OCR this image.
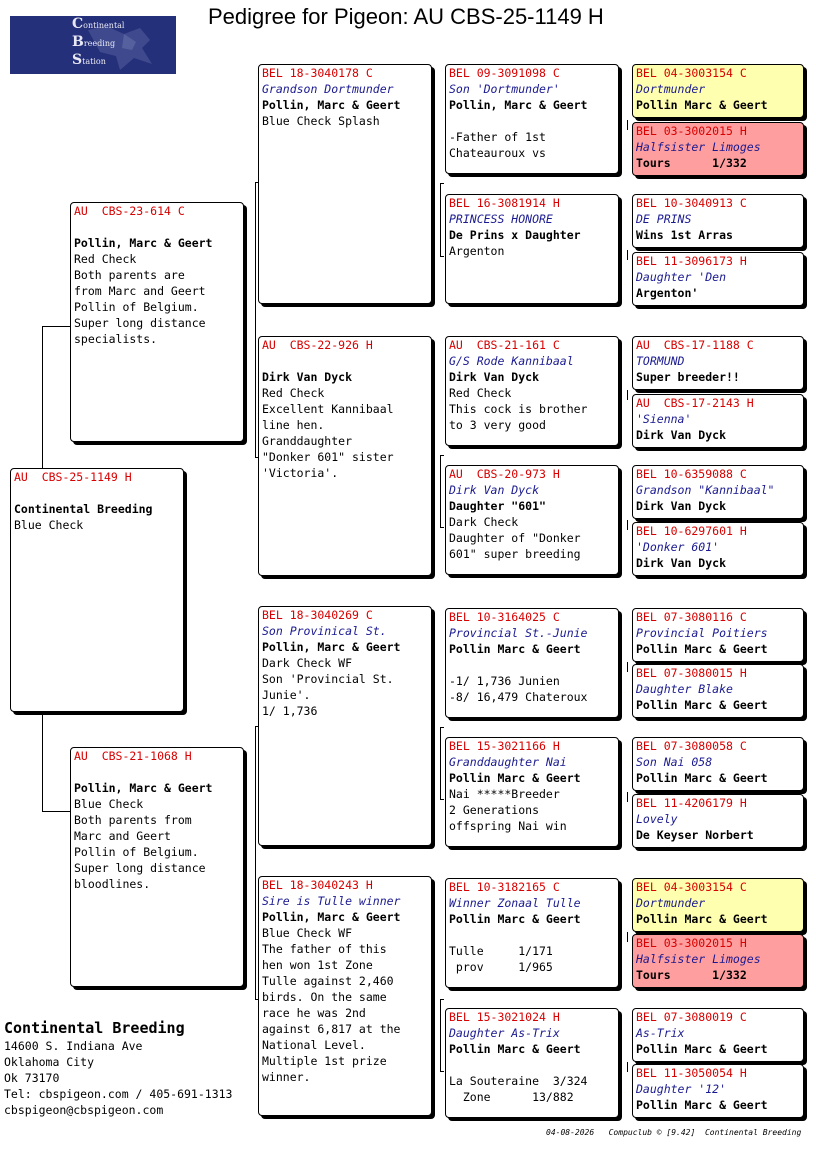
Continental
Breeding
Station
Pedigree for Pigeon: AU CBS-25-1149 H
AU  CBS-25-1149 H
Continental Breeding
Blue Check
AU  CBS-23-614 C
Pollin, Marc & Geert
Red Check
Both parents are
from Marc and Geert
Pollin of Belgium.
Super long distance
specialists.
AU  CBS-21-1068 H
Pollin, Marc & Geert
Blue Check
Both parents from
Marc and Geert
Pollin of Belgium.
Super long distance
bloodlines.
BEL 18-3040178 C
Grandson Dortmunder
Pollin, Marc & Geert
Blue Check Splash
AU  CBS-22-926 H
Dirk Van Dyck
Red Check
Excellent Kannibaal
line hen.
Granddaughter
"Donker 601" sister
'Victoria'.
BEL 18-3040269 C
Son Provinical St.
Pollin, Marc & Geert
Dark Check WF
Son 'Provincial St.
Junie'.
1/ 1,736
BEL 18-3040243 H
Sire is Tulle winner
Pollin, Marc & Geert
Blue Check WF
The father of this
hen won 1st Zone
Tulle against 2,460
birds. On the same
race he was 2nd
against 6,817 at the
National Level.
Multiple 1st prize
winner.
BEL 09-3091098 C
Son 'Dortmunder'
Pollin, Marc & Geert
-Father of 1st
Chateauroux vs
BEL 16-3081914 H
PRINCESS HONORE
De Prins x Daughter
Argenton
AU  CBS-21-161 C
G/S Rode Kannibaal
Dirk Van Dyck
Red Check
This cock is brother
to 3 very good
AU  CBS-20-973 H
Dirk Van Dyck
Daughter "601"
Dark Check
Daughter of "Donker
601" super breeding
BEL 10-3164025 C
Provincial St.-Junie
Pollin Marc & Geert
-1/ 1,736 Junien
-8/ 16,479 Chateroux
BEL 15-3021166 H
Granddaughter Nai
Pollin Marc & Geert
Nai *****Breeder
2 Generations
offspring Nai win
BEL 10-3182165 C
Winner Zonaal Tulle
Pollin Marc & Geert
Tulle     1/171
prov     1/965
BEL 15-3021024 H
Daughter As-Trix
Pollin Marc & Geert
La Souteraine  3/324
Zone      13/882
BEL 04-3003154 C
Dortmunder
Pollin Marc & Geert
BEL 03-3002015 H
Halfsister Limoges
Tours      1/332
BEL 10-3040913 C
DE PRINS
Wins 1st Arras
BEL 11-3096173 H
Daughter 'Den
Argenton'
AU  CBS-17-1188 C
TORMUND
Super breeder!!
AU  CBS-17-2143 H
'Sienna'
Dirk Van Dyck
BEL 10-6359088 C
Grandson "Kannibaal"
Dirk Van Dyck
BEL 10-6297601 H
'Donker 601'
Dirk Van Dyck
BEL 07-3080116 C
Provincial Poitiers
Pollin Marc & Geert
BEL 07-3080015 H
Daughter Blake
Pollin Marc & Geert
BEL 07-3080058 C
Son Nai 058
Pollin Marc & Geert
BEL 11-4206179 H
Lovely
De Keyser Norbert
BEL 04-3003154 C
Dortmunder
Pollin Marc & Geert
BEL 03-3002015 H
Halfsister Limoges
Tours      1/332
BEL 07-3080019 C
As-Trix
Pollin Marc & Geert
BEL 11-3050054 H
Daughter '12'
Pollin Marc & Geert
Continental Breeding
14600 S. Indiana Ave
Oklahoma City
Ok 73170
Tel: cbspigeon.com / 405-691-1313
cbspigeon@cbspigeon.com
04-08-2026   Compuclub © [9.42]  Continental Breeding
